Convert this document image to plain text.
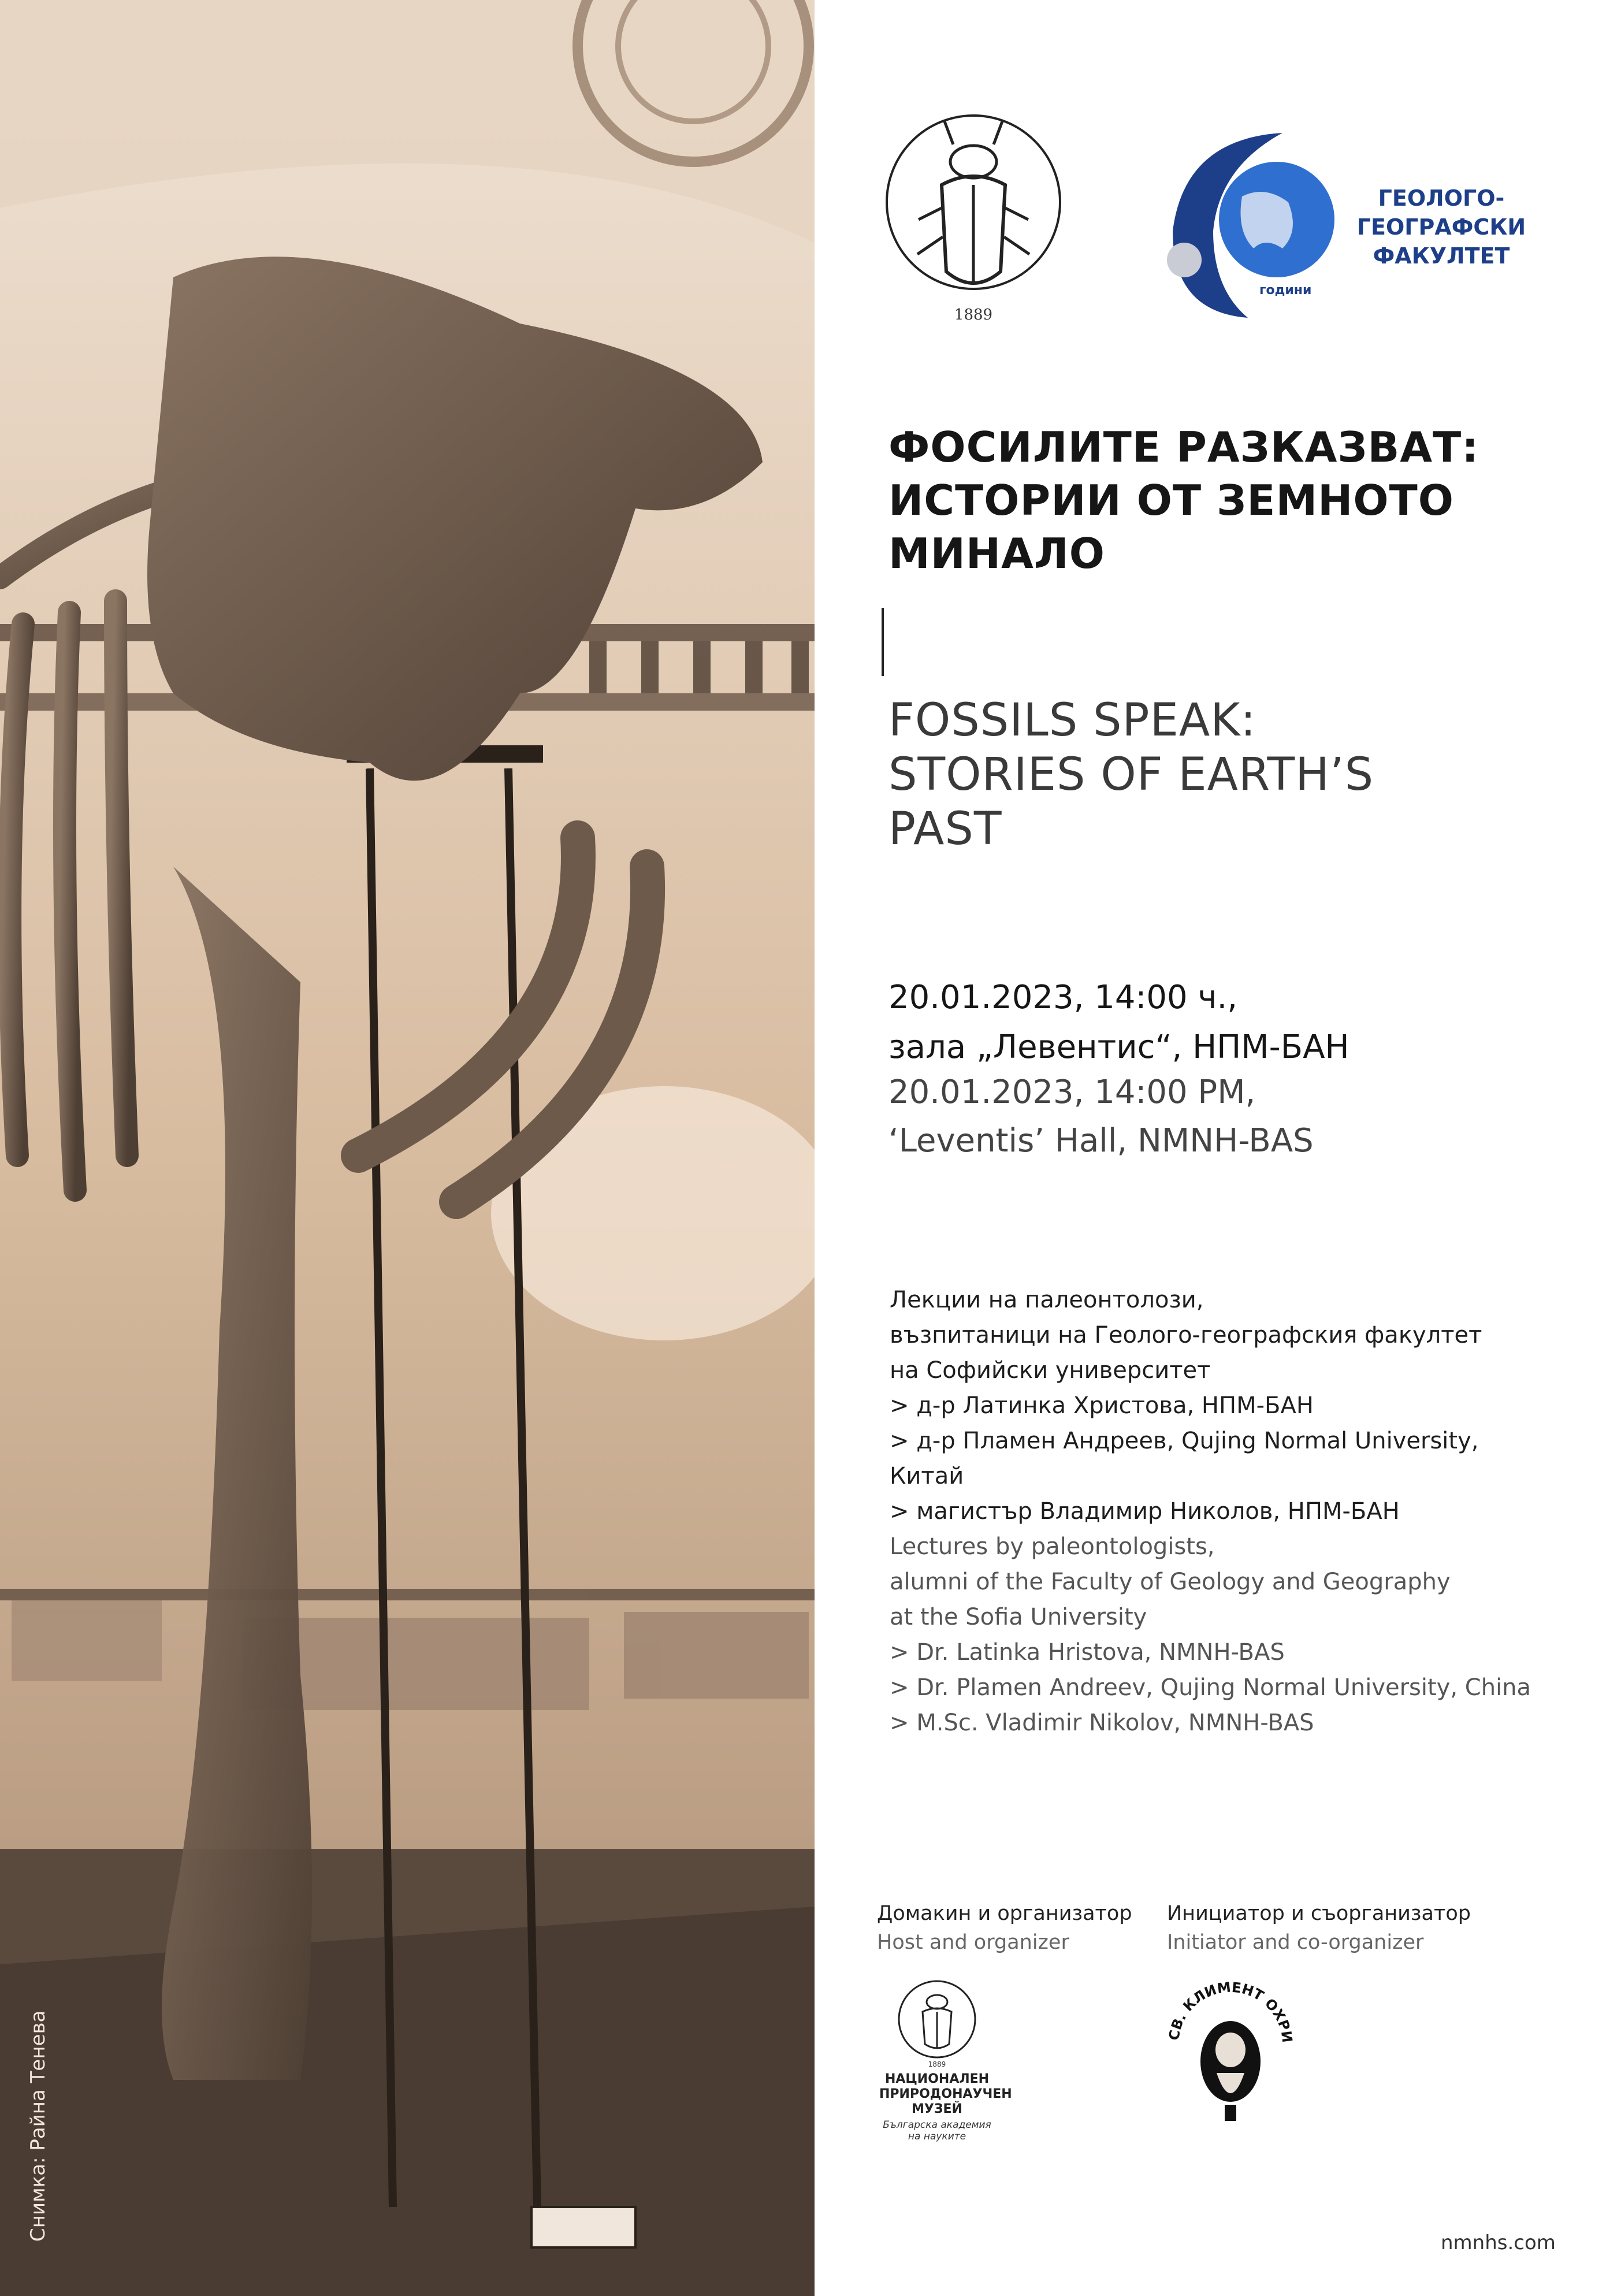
Снимка: Райна Тенева
1889
години
ГЕОЛОГО-
ГЕОГРАФСКИ
ФАКУЛТЕТ
ФОСИЛИТЕ РАЗКАЗВАТ:
ИСТОРИИ ОТ ЗЕМНОТО
МИНАЛО
FOSSILS SPEAK:
STORIES OF EARTH’S
PAST
20.01.2023, 14:00 ч.,
зала „Левентис“, НПМ-БАН
20.01.2023, 14:00 PM,
‘Leventis’ Hall, NMNH-BAS
Лекции на палеонтолози,
възпитаници на Геолого-географския факултет
на Софийски университет
> д-р Латинка Христова, НПМ-БАН
> д-р Пламен Андреев, Qujing Normal University,
Китай
> магистър Владимир Николов, НПМ-БАН
Lectures by paleontologists,
alumni of the Faculty of Geology and Geography
at the Sofia University
> Dr. Latinka Hristova, NMNH-BAS
> Dr. Plamen Andreev, Qujing Normal University, China
> M.Sc. Vladimir Nikolov, NMNH-BAS
Домакин и организатор
Host and organizer
Инициатор и съорганизатор
Initiator and co-organizer
1889
НАЦИОНАЛЕН
ПРИРОДОНАУЧЕН
МУЗЕЙ
Българска академия
на науките
СВ. КЛИМЕНТ ОХРИ
nmnhs.com
